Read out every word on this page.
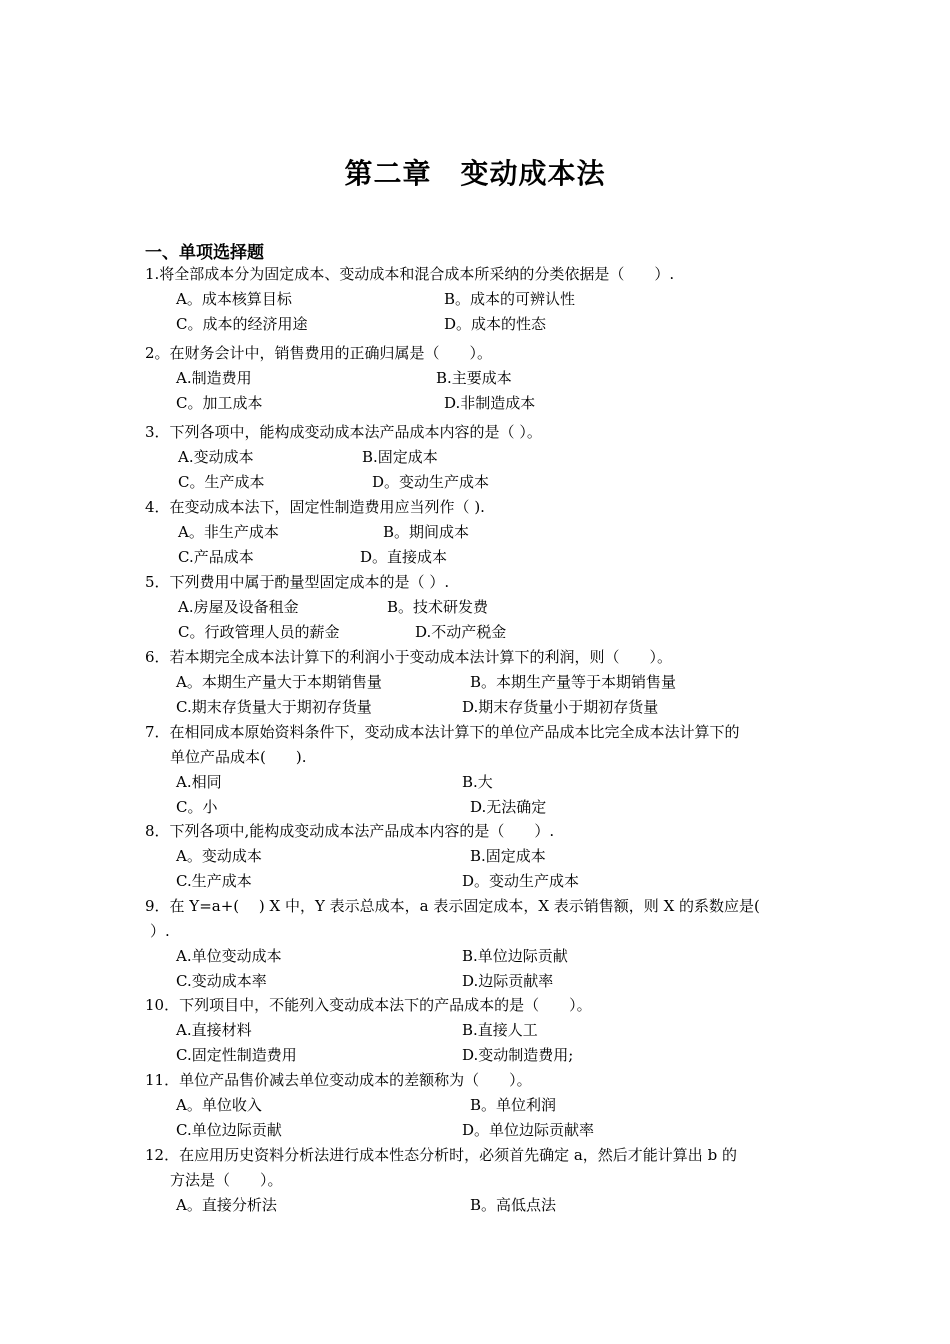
第二章　变动成本法
一、单项选择题
1.将全部成本分为固定成本、变动成本和混合成本所采纳的分类依据是（　　）.
A。成本核算目标	B。成本的可辨认性
C。成本的经济用途	D。成本的性态
2。在财务会计中，销售费用的正确归属是（　　）。
A.制造费用	B.主要成本
C。加工成本	D.非制造成本
3．下列各项中，能构成变动成本法产品成本内容的是（ ）。
A.变动成本	B.固定成本
C。生产成本	D。变动生产成本
4．在变动成本法下，固定性制造费用应当列作（ ).
A。非生产成本	B。期间成本
C.产品成本	D。直接成本
5．下列费用中属于酌量型固定成本的是（ ）.
A.房屋及设备租金	B。技术研发费
C。行政管理人员的薪金	D.不动产税金
6．若本期完全成本法计算下的利润小于变动成本法计算下的利润，则（　　）。
A。本期生产量大于本期销售量	B。本期生产量等于本期销售量
C.期末存货量大于期初存货量	D.期末存货量小于期初存货量
7．在相同成本原始资料条件下，变动成本法计算下的单位产品成本比完全成本法计算下的
单位产品成本(　　).
A.相同	B.大
C。小	D.无法确定
8．下列各项中,能构成变动成本法产品成本内容的是（　　）.
A。变动成本	B.固定成本
C.生产成本	D。变动生产成本
9．在 Y=a+(　 ) X 中，Y 表示总成本，a 表示固定成本，X 表示销售额，则 X 的系数应是(
）.
A.单位变动成本	B.单位边际贡献
C.变动成本率	D.边际贡献率
10．下列项目中，不能列入变动成本法下的产品成本的是（　　）。
A.直接材料	B.直接人工
C.固定性制造费用	D.变动制造费用;
11．单位产品售价减去单位变动成本的差额称为（　　）。
A。单位收入	B。单位利润
C.单位边际贡献	D。单位边际贡献率
12．在应用历史资料分析法进行成本性态分析时，必须首先确定 a，然后才能计算出 b 的
方法是（　　）。
A。直接分析法	B。高低点法
